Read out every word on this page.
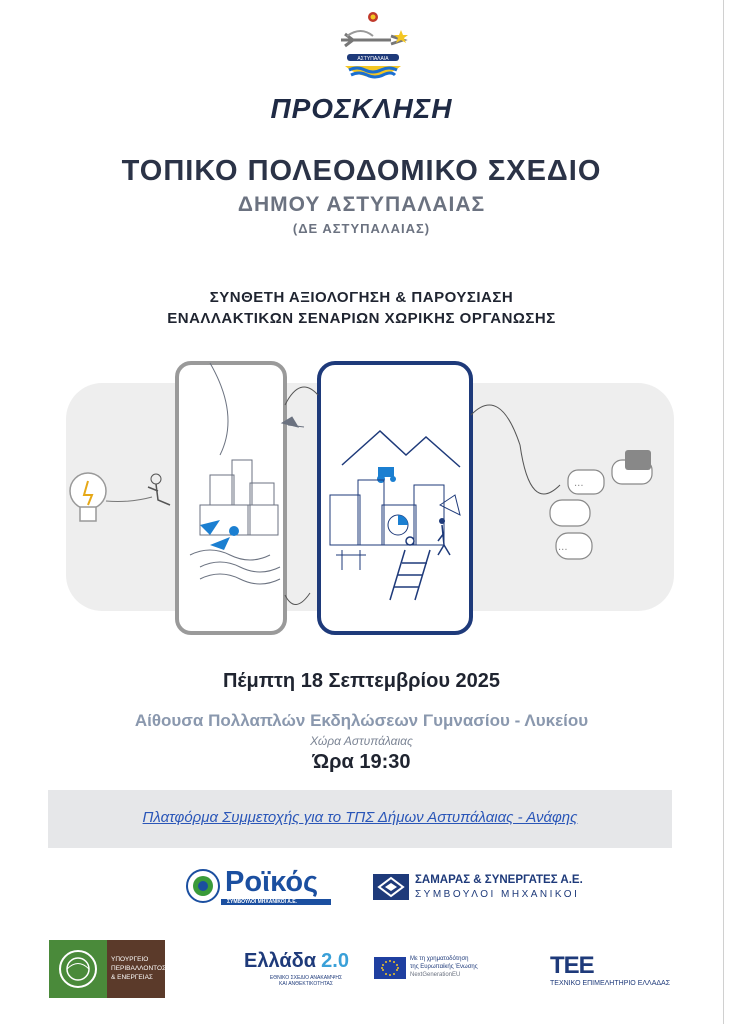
ΑΣΤΥΠΑΛΑΙΑ
ΠΡΟΣΚΛΗΣΗ
ΤΟΠΙΚΟ ΠΟΛΕΟΔΟΜΙΚΟ ΣΧΕΔΙΟ
ΔΗΜΟΥ ΑΣΤΥΠΑΛΑΙΑΣ
(ΔΕ ΑΣΤΥΠΑΛΑΙΑΣ)
ΣΥΝΘΕΤΗ ΑΞΙΟΛΟΓΗΣΗ & ΠΑΡΟΥΣΙΑΣΗ
ΕΝΑΛΛΑΚΤΙΚΩΝ ΣΕΝΑΡΙΩΝ ΧΩΡΙΚΗΣ ΟΡΓΑΝΩΣΗΣ
...
...
Πέμπτη 18 Σεπτεμβρίου 2025
Αίθουσα Πολλαπλών Εκδηλώσεων Γυμνασίου - Λυκείου
Χώρα Αστυπάλαιας
Ώρα 19:30
Πλατφόρμα Συμμετοχής για το ΤΠΣ Δήμων Αστυπάλαιας - Ανάφης
Ροϊκός
ΣΥΜΒΟΥΛΟΙ ΜΗΧΑΝΙΚΟΙ Α.Ε.
ΣΑΜΑΡΑΣ & ΣΥΝΕΡΓΑΤΕΣ Α.Ε.
ΣΥΜΒΟΥΛΟΙ ΜΗΧΑΝΙΚΟΙ
ΥΠΟΥΡΓΕΙΟ
ΠΕΡΙΒΑΛΛΟΝΤΟΣ
& ΕΝΕΡΓΕΙΑΣ
Ελλάδα 2.0
ΕΘΝΙΚΟ ΣΧΕΔΙΟ ΑΝΑΚΑΜΨΗΣ
ΚΑΙ ΑΝΘΕΚΤΙΚΟΤΗΤΑΣ
Με τη χρηματοδότηση
της Ευρωπαϊκής Ένωσης
NextGenerationEU	ΤΕΕ
ΤΕΧΝΙΚΟ ΕΠΙΜΕΛΗΤΗΡΙΟ ΕΛΛΑΔΑΣ
